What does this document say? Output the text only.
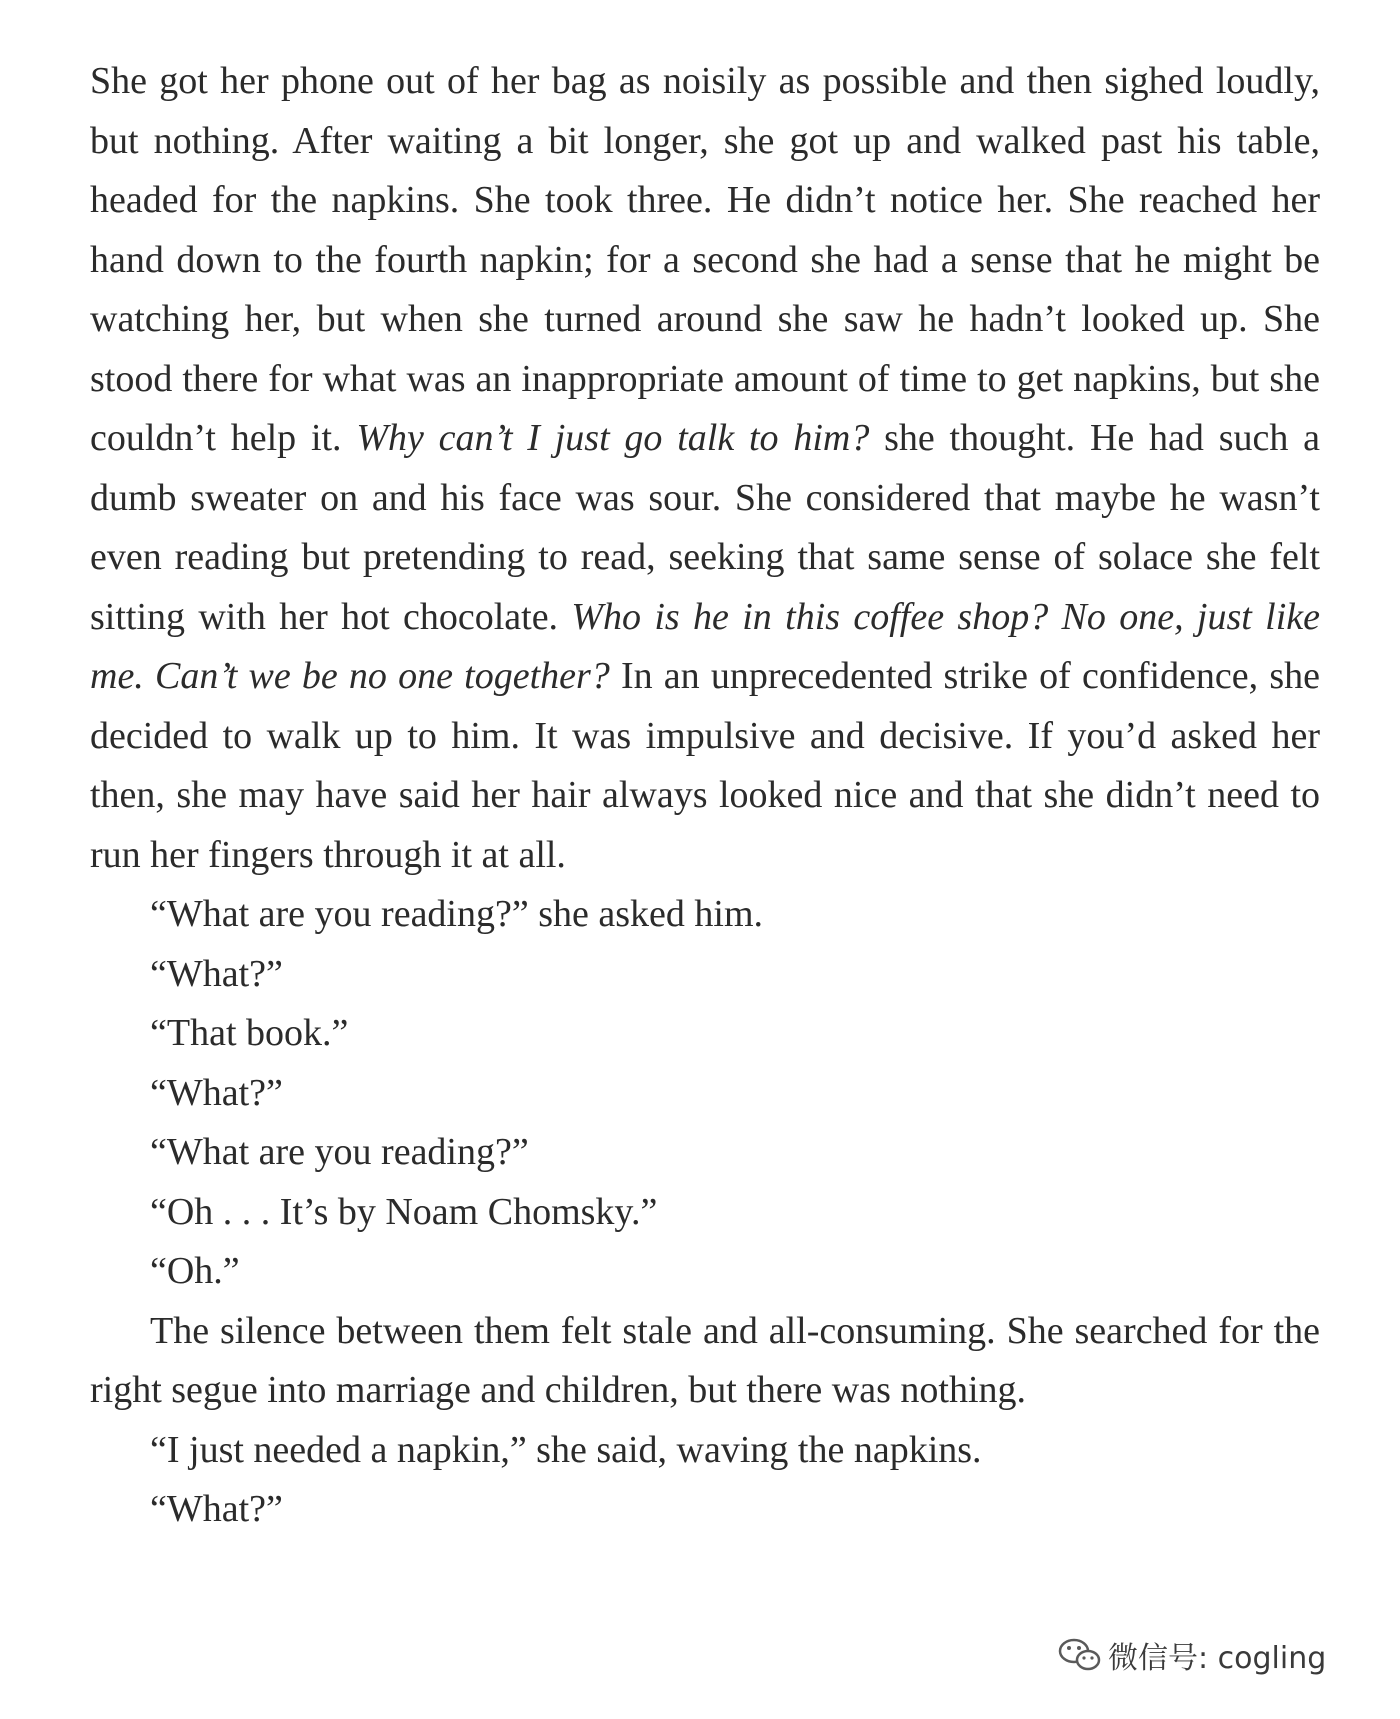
She got her phone out of her bag as noisily as possible and then sighed loudly, but nothing. After waiting a bit longer, she got up and walked past his table, headed for the napkins. She took three. He didn’t notice her. She reached her hand down to the fourth napkin; for a second she had a sense that he might be watching her, but when she turned around she saw he hadn’t looked up. She stood there for what was an inappropriate amount of time to get napkins, but she couldn’t help it. Why can’t I just go talk to him? she thought. He had such a dumb sweater on and his face was sour. She considered that maybe he wasn’t even reading but pretending to read, seeking that same sense of solace she felt sitting with her hot chocolate. Who is he in this coffee shop? No one, just like me. Can’t we be no one together? In an unprecedented strike of confidence, she decided to walk up to him. It was impulsive and decisive. If you’d asked her then, she may have said her hair always looked nice and that she didn’t need to run her fingers through it at all.

“What are you reading?” she asked him.

“What?”

“That book.”

“What?”

“What are you reading?”

“Oh . . . It’s by Noam Chomsky.”

“Oh.”

The silence between them felt stale and all-consuming. She searched for the right segue into marriage and children, but there was nothing.

“I just needed a napkin,” she said, waving the napkins.

“What?”

微信号: cogling
